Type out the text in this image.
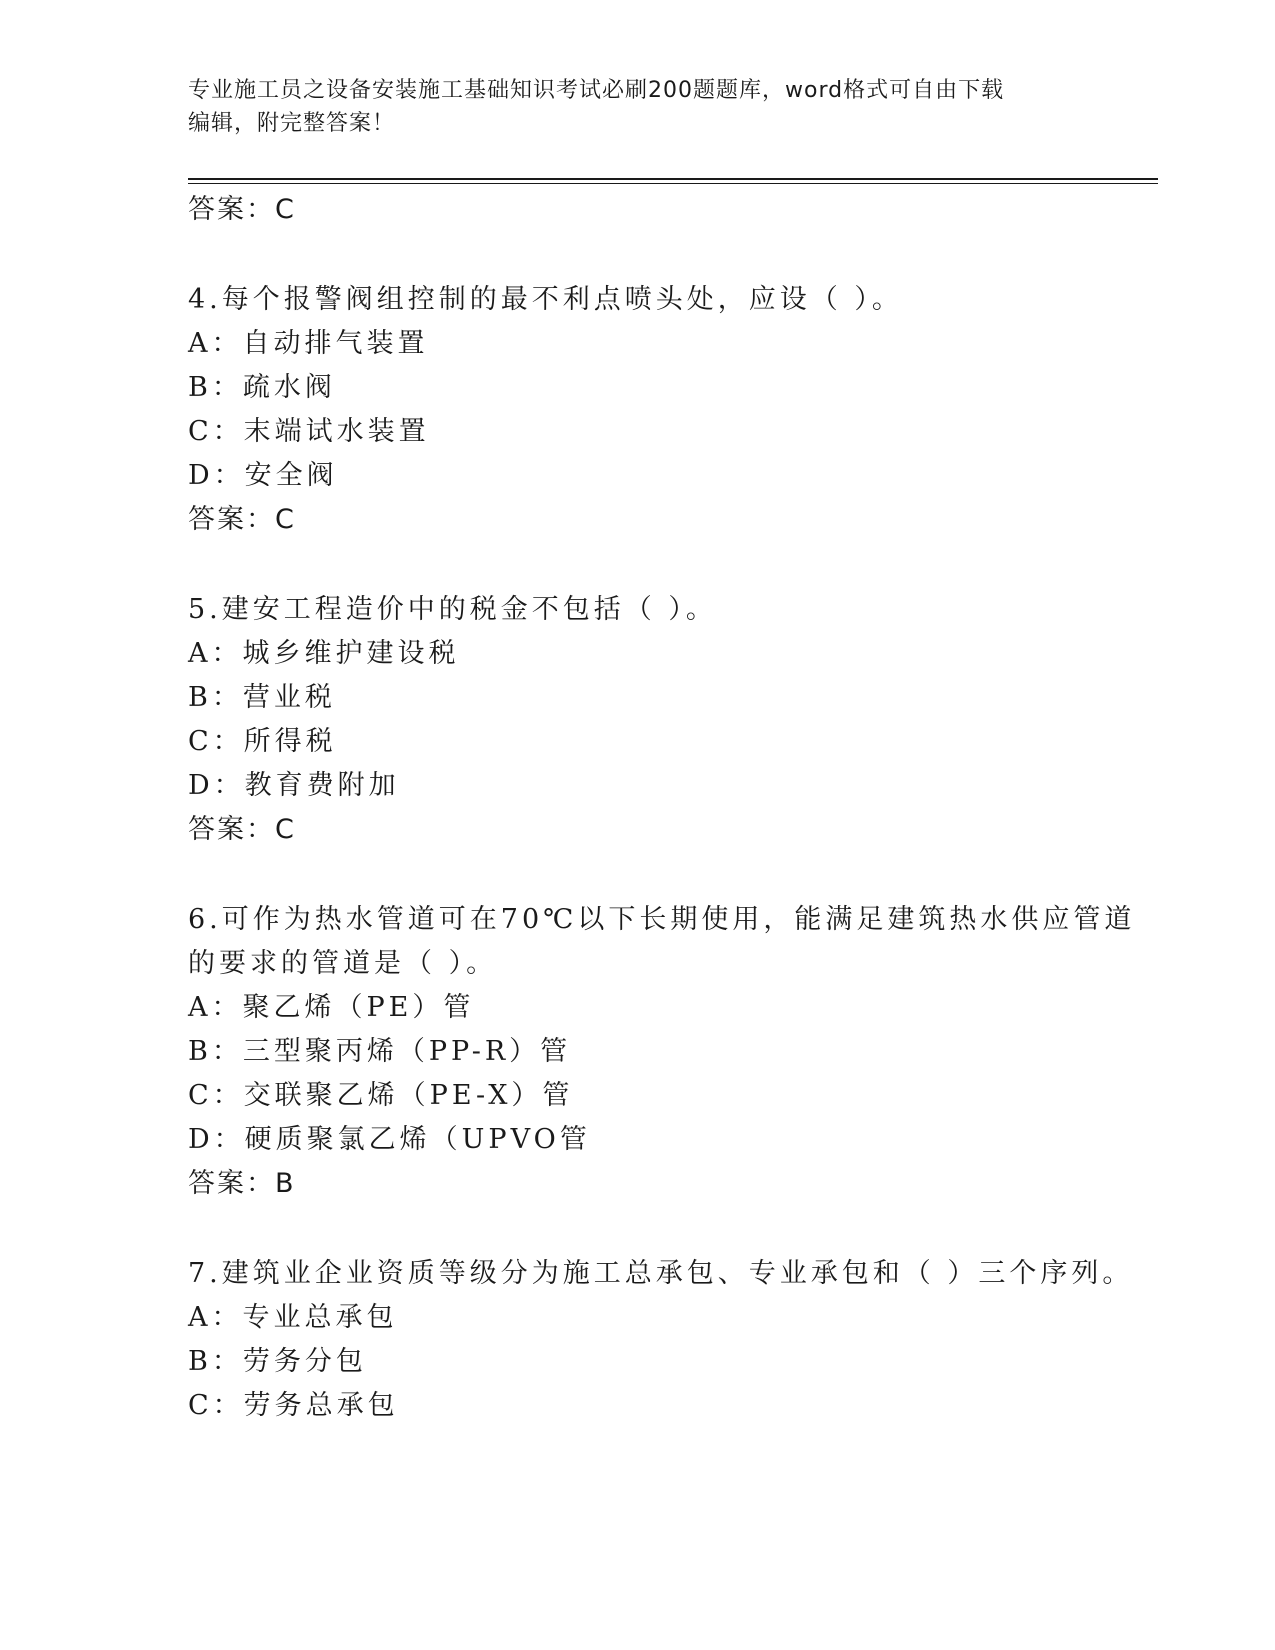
专业施工员之设备安装施工基础知识考试必刷200题题库，word格式可自由下载
编辑，附完整答案！
答案：C
4.每个报警阀组控制的最不利点喷头处，应设（ ）。
A：自动排气装置
B：疏水阀
C：末端试水装置
D：安全阀
答案：C
5.建安工程造价中的税金不包括（ ）。
A：城乡维护建设税
B：营业税
C：所得税
D：教育费附加
答案：C
6.可作为热水管道可在70℃以下长期使用，能满足建筑热水供应管道
的要求的管道是（ ）。
A：聚乙烯（PE）管
B：三型聚丙烯（PP-R）管
C：交联聚乙烯（PE-X）管
D：硬质聚氯乙烯（UPVO管
答案：B
7.建筑业企业资质等级分为施工总承包、专业承包和（ ）三个序列。
A：专业总承包
B：劳务分包
C：劳务总承包
